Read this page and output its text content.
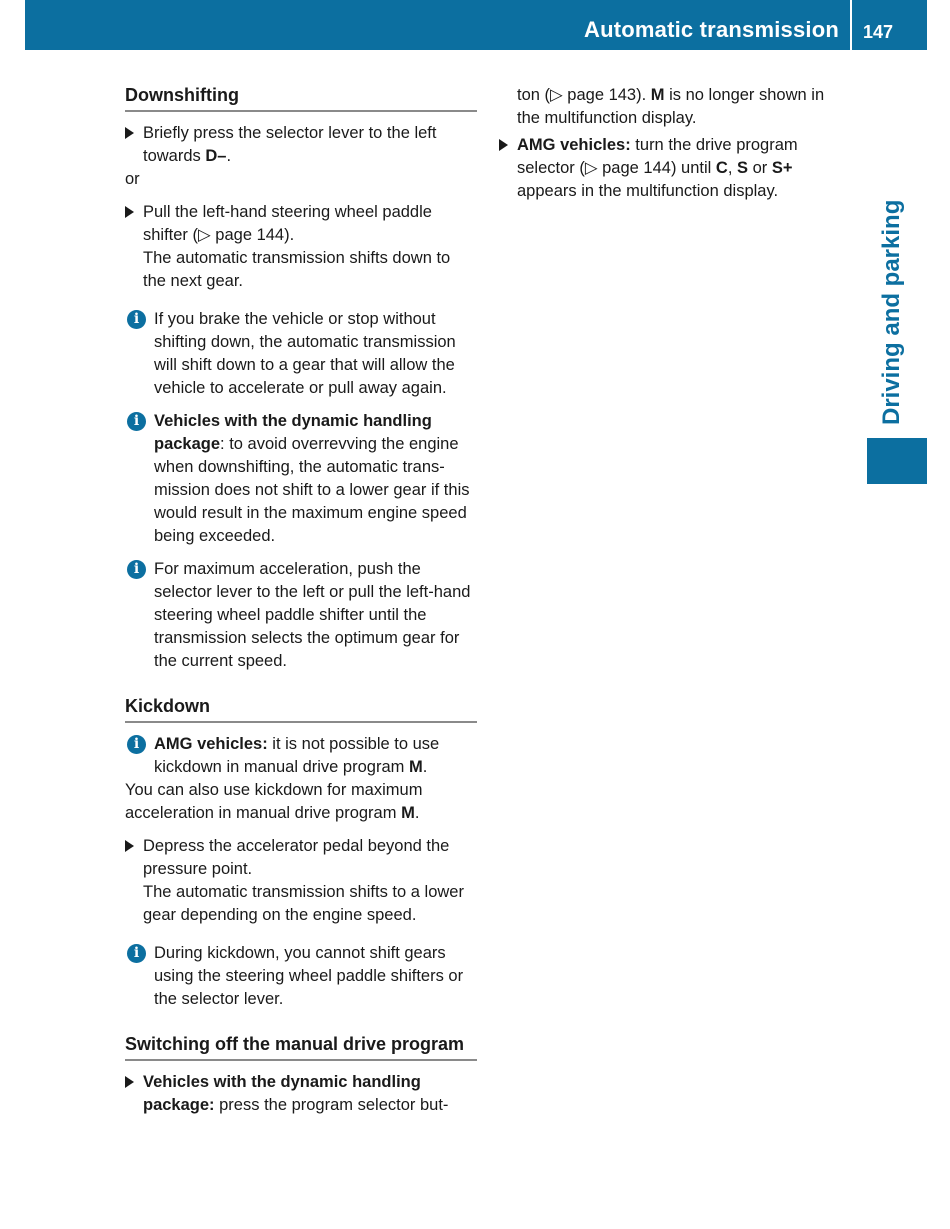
Automatic transmission 147
Driving and parking
Downshifting

Briefly press the selector lever to the left towards D–.

or

Pull the left-hand steering wheel paddle shifter (▷ page 144).

The automatic transmission shifts down to the next gear.

i If you brake the vehicle or stop without shifting down, the automatic transmission will shift down to a gear that will allow the vehicle to accelerate or pull away again.

i Vehicles with the dynamic handling package: to avoid overrevving the engine when downshifting, the automatic trans-mission does not shift to a lower gear if this would result in the maximum engine speed being exceeded.

i For maximum acceleration, push the selector lever to the left or pull the left-hand steering wheel paddle shifter until the transmission selects the optimum gear for the current speed.

Kickdown
i AMG vehicles: it is not possible to use kickdown in manual drive program M.

You can also use kickdown for maximum acceleration in manual drive program M.

Depress the accelerator pedal beyond the pressure point.

The automatic transmission shifts to a lower gear depending on the engine speed.

i During kickdown, you cannot shift gears using the steering wheel paddle shifters or the selector lever.

Switching off the manual drive program

Vehicles with the dynamic handling package: press the program selector but-

ton (▷ page 143). M is no longer shown in the multifunction display.

AMG vehicles: turn the drive program selector (▷ page 144) until C, S or S+ appears in the multifunction display.
